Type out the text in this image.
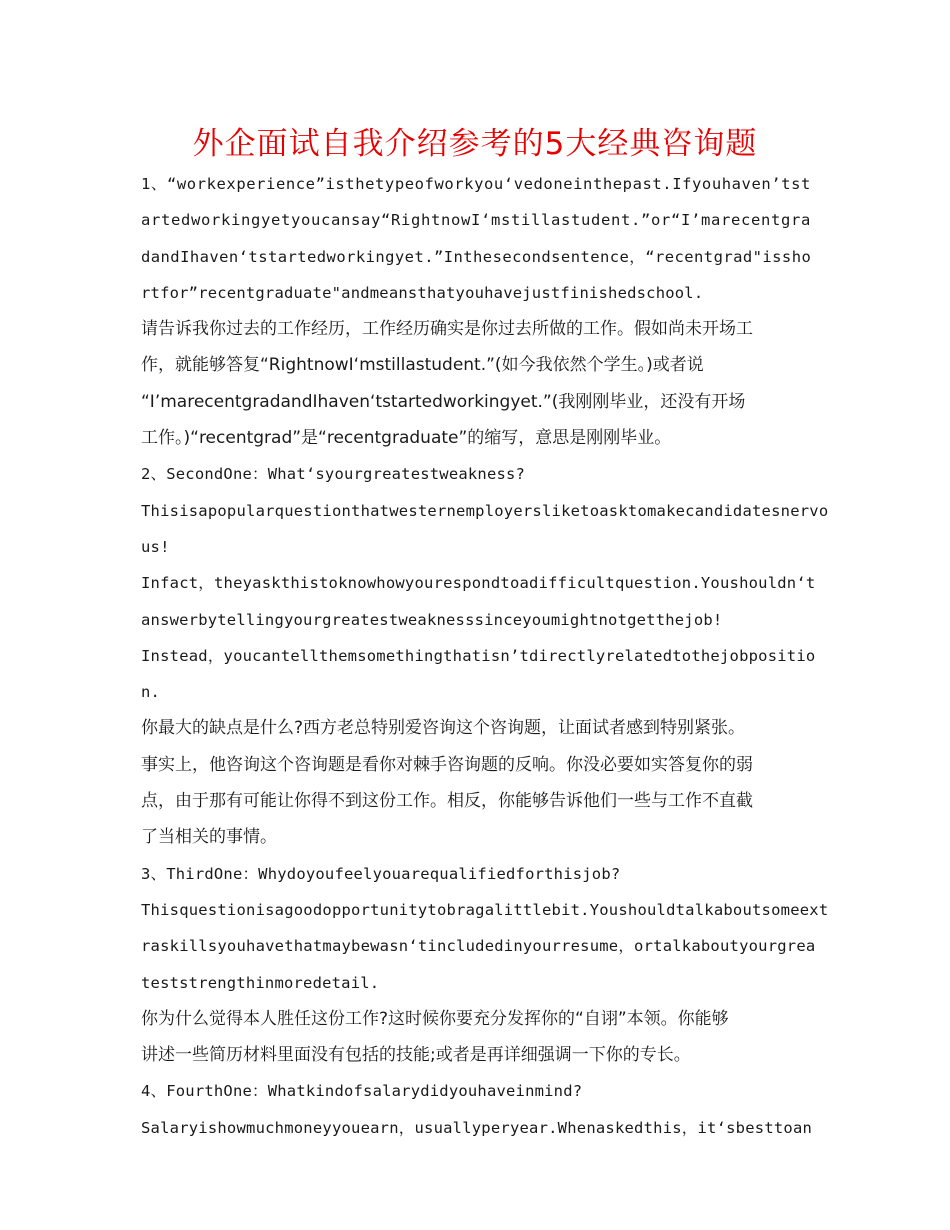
外企面试自我介绍参考的5大经典咨询题
1 、 “ w o r k e x p e r i e n c e ” i s t h e t y p e o f w o r k y o u ‘ v e d o n e i n t h e p a s t . I f y o u h a v e n ’ t s t
a r t e d w o r k i n g y e t y o u c a n s a y “ R i g h t n o w I ‘ m s t i l l a s t u d e n t . ” o r “ I ’ m a r e c e n t g r a
d a n d I h a v e n ‘ t s t a r t e d w o r k i n g y e t . ” I n t h e s e c o n d s e n t e n c e ， “ r e c e n t g r a d " i s s h o
rtfor”recentgraduate"andmeansthatyouhavejustfinishedschool.
请告诉我你过去的工作经历，工作经历确实是你过去所做的工作。假如尚未开场工
作，就能够答复“RightnowI‘mstillastudent.”(如今我依然个学生。)或者说
“I’marecentgradandIhaven‘tstartedworkingyet.”(我刚刚毕业，还没有开场
工作。)“recentgrad”是“recentgraduate”的缩写，意思是刚刚毕业。
2、SecondOne：What‘syourgreatestweakness?
T h i s i s a p o p u l a r q u e s t i o n t h a t w e s t e r n e m p l o y e r s l i k e t o a s k t o m a k e c a n d i d a t e s n e r v o
us!
I n f a c t ， t h e y a s k t h i s t o k n o w h o w y o u r e s p o n d t o a d i f f i c u l t q u e s t i o n . Y o u s h o u l d n ‘ t
answerbytellingyourgreatestweaknesssinceyoumightnotgetthejob!
I n s t e a d ， y o u c a n t e l l t h e m s o m e t h i n g t h a t i s n ’ t d i r e c t l y r e l a t e d t o t h e j o b p o s i t i o
n.
你最大的缺点是什么?西方老总特别爱咨询这个咨询题，让面试者感到特别紧张。
事实上，他咨询这个咨询题是看你对棘手咨询题的反响。你没必要如实答复你的弱
点，由于那有可能让你得不到这份工作。相反，你能够告诉他们一些与工作不直截
了当相关的事情。
3、ThirdOne：Whydoyoufeelyouarequalifiedforthisjob?
T h i s q u e s t i o n i s a g o o d o p p o r t u n i t y t o b r a g a l i t t l e b i t . Y o u s h o u l d t a l k a b o u t s o m e e x t
r a s k i l l s y o u h a v e t h a t m a y b e w a s n ‘ t i n c l u d e d i n y o u r r e s u m e ， o r t a l k a b o u t y o u r g r e a
teststrengthinmoredetail.
你为什么觉得本人胜任这份工作?这时候你要充分发挥你的“自诩”本领。你能够
讲述一些简历材料里面没有包括的技能;或者是再详细强调一下你的专长。
4、FourthOne：Whatkindofsalarydidyouhaveinmind?
S a l a r y i s h o w m u c h m o n e y y o u e a r n ， u s u a l l y p e r y e a r . W h e n a s k e d t h i s ， i t ‘ s b e s t t o a n
